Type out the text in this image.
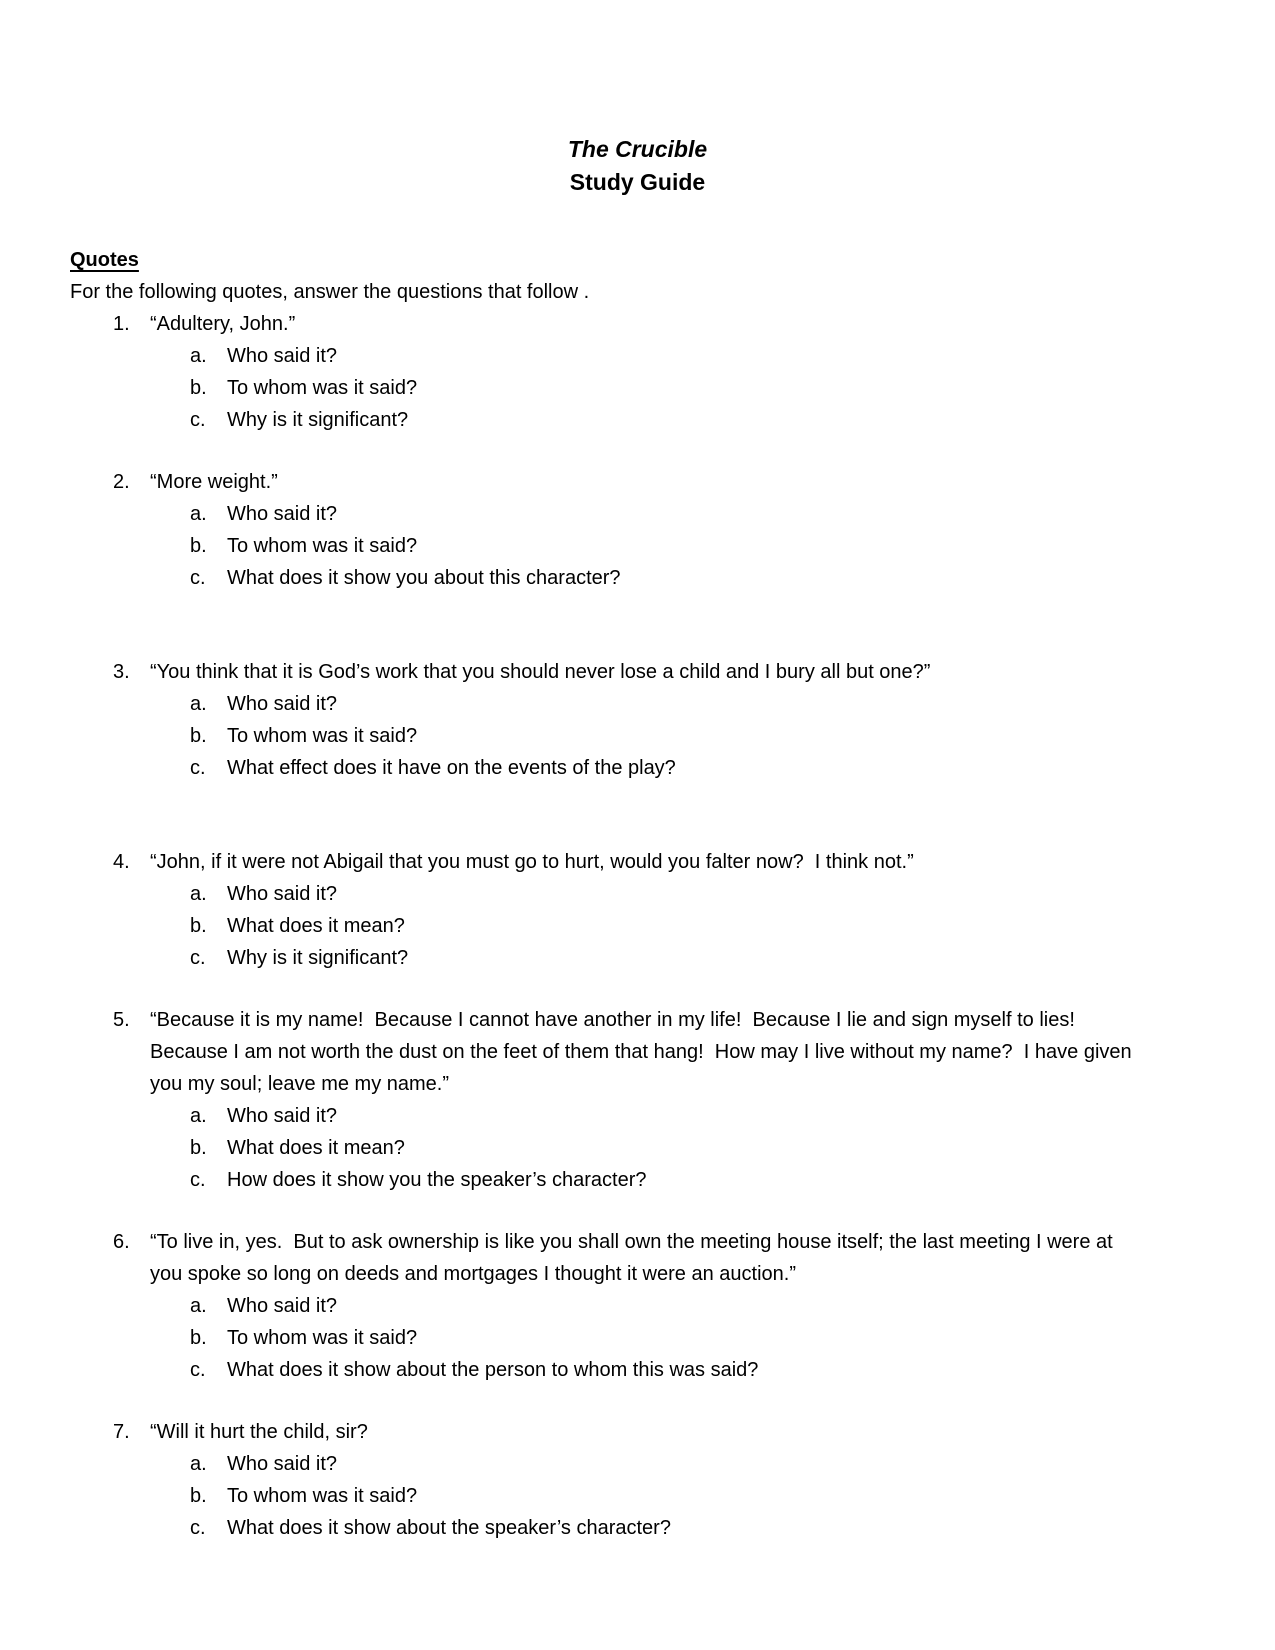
The Crucible
Study Guide
Quotes
For the following quotes, answer the questions that follow .
1.	“Adultery, John.”
a.	Who said it?
b.	To whom was it said?
c.	Why is it significant?
2.	“More weight.”
a.	Who said it?
b.	To whom was it said?
c.	What does it show you about this character?
3.	“You think that it is God’s work that you should never lose a child and I bury all but one?”
a.	Who said it?
b.	To whom was it said?
c.	What effect does it have on the events of the play?
4.	“John, if it were not Abigail that you must go to hurt, would you falter now?  I think not.”
a.	Who said it?
b.	What does it mean?
c.	Why is it significant?
5.	“Because it is my name!  Because I cannot have another in my life!  Because I lie and sign myself to lies!  Because I am not worth the dust on the feet of them that hang!  How may I live without my name?  I have given you my soul; leave me my name.”
a.	Who said it?
b.	What does it mean?
c.	How does it show you the speaker’s character?
6.	“To live in, yes.  But to ask ownership is like you shall own the meeting house itself; the last meeting I were at you spoke so long on deeds and mortgages I thought it were an auction.”
a.	Who said it?
b.	To whom was it said?
c.	What does it show about the person to whom this was said?
7.	“Will it hurt the child, sir?
a.	Who said it?
b.	To whom was it said?
c.	What does it show about the speaker’s character?
